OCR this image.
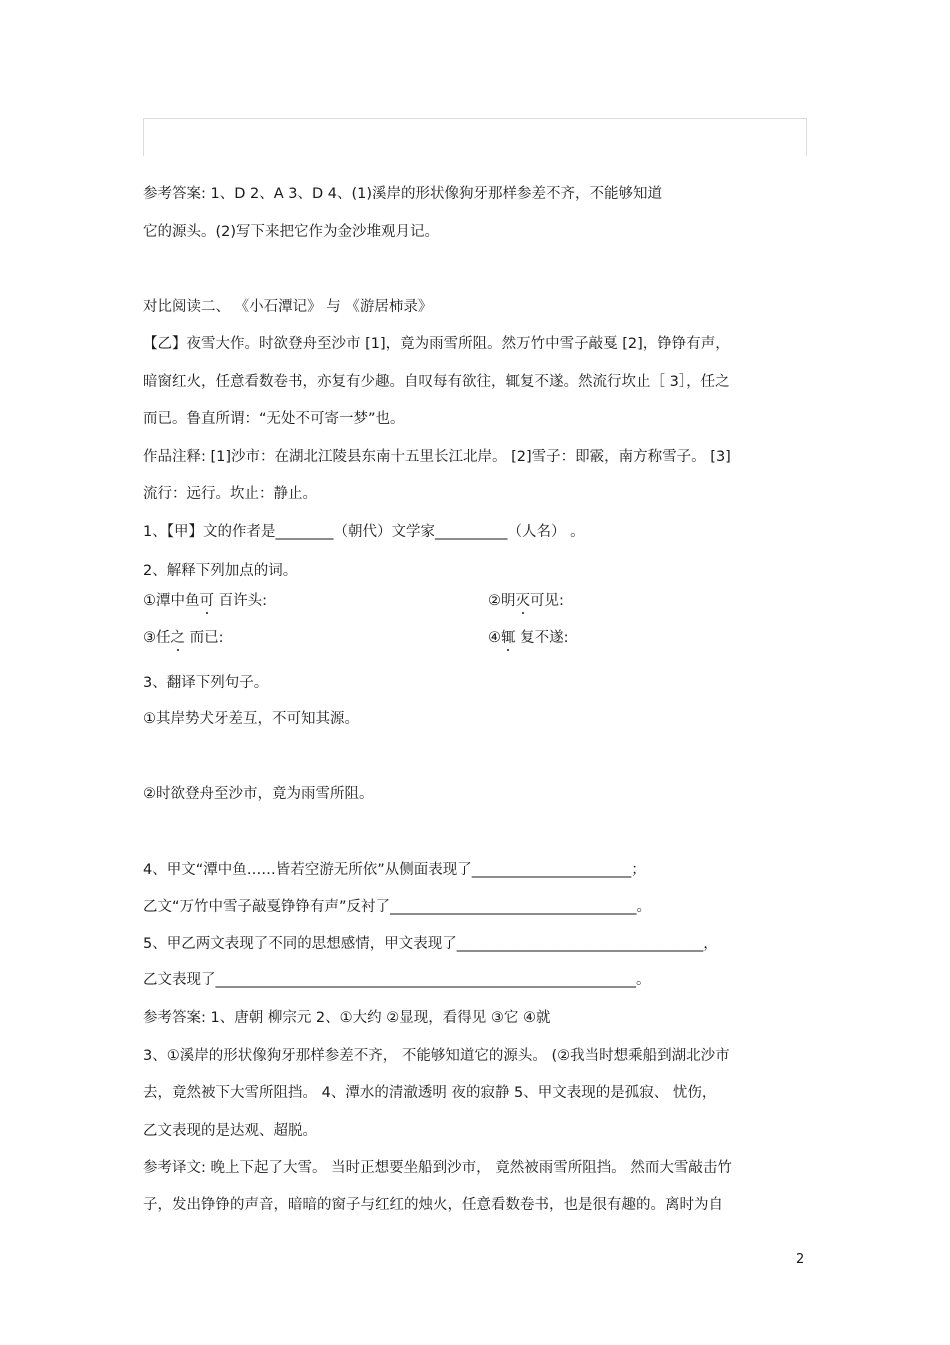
参考答案: 1、D 2、A 3、D 4、(1)溪岸的形状像狗牙那样参差不齐，不能够知道
它的源头。(2)写下来把它作为金沙堆观月记。
对比阅读二、 《小石潭记》 与 《游居柿录》
【乙】夜雪大作。时欲登舟至沙市 [1]，竟为雨雪所阻。然万竹中雪子敲戛 [2]，铮铮有声，
暗窗红火，任意看数卷书，亦复有少趣。自叹每有欲往，辄复不遂。然流行坎止［ 3］，任之
而已。鲁直所谓：“无处不可寄一梦”也。
作品注释: [1]沙市：在湖北江陵县东南十五里长江北岸。 [2]雪子：即霰，南方称雪子。 [3]
流行：远行。坎止：静止。
1、【甲】文的作者是________（朝代）文学家__________（人名） 。
2、解释下列加点的词。
①潭中鱼可 百许头:	②明灭可见:
③任之 而已:	④辄 复不遂:
3、翻译下列句子。
①其岸势犬牙差互，不可知其源。
②时欲登舟至沙市，竟为雨雪所阻。
4、甲文“潭中鱼……皆若空游无所依”从侧面表现了______________________；
乙文“万竹中雪子敲戛铮铮有声”反衬了__________________________________。
5、甲乙两文表现了不同的思想感情，甲文表现了__________________________________，
乙文表现了__________________________________________________________。
参考答案: 1、唐朝 柳宗元 2、①大约 ②显现，看得见 ③它 ④就
3、①溪岸的形状像狗牙那样参差不齐， 不能够知道它的源头。 (②我当时想乘船到湖北沙市
去，竟然被下大雪所阻挡。 4、潭水的清澈透明 夜的寂静 5、甲文表现的是孤寂、 忧伤，
乙文表现的是达观、超脱。
参考译文: 晚上下起了大雪。 当时正想要坐船到沙市， 竟然被雨雪所阻挡。 然而大雪敲击竹
子，发出铮铮的声音，暗暗的窗子与红红的烛火，任意看数卷书，也是很有趣的。离时为自
2
